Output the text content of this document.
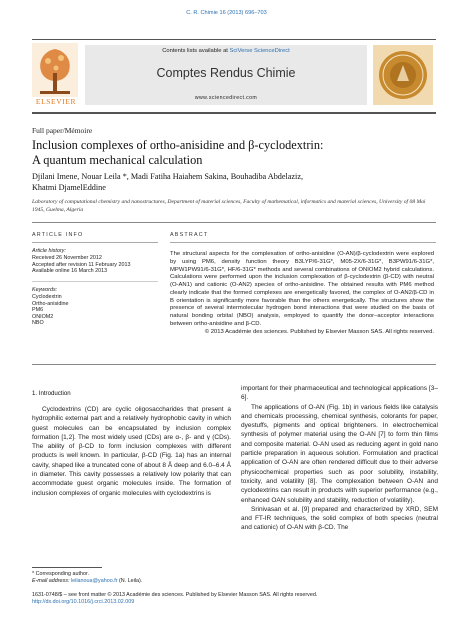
C. R. Chimie 16 (2013) 696–703
ELSEVIER
Contents lists available at SciVerse ScienceDirect
Comptes Rendus Chimie
www.sciencedirect.com
Full paper/Mémoire
Inclusion complexes of ortho-anisidine and β-cyclodextrin:
A quantum mechanical calculation
Djilani Imene, Nouar Leila *, Madi Fatiha Haiahem Sakina, Bouhadiba Abdelaziz,
Khatmi DjamelEddine
Laboratory of computational chemistry and nanostructures, Department of material sciences, Faculty of mathematical, informatics and material sciences, University of 08 Mai 1945, Guelma, Algeria
ARTICLE INFO
Article history:
Received 26 November 2012
Accepted after revision 11 February 2013
Available online 16 March 2013
Keywords:
Cyclodextrin
Ortho-anisidine
PM6
ONIOM2
NBO
ABSTRACT
The structural aspects for the complexation of ortho-anisidine (O-AN)/β-cyclodextrin were explored by using PM6, density function theory B3LYP/6-31G*, M05-2X/6-31G*, B3PW91/6-31G*, MPW1PW91/6-31G*, HF/6-31G* methods and several combinations of ONIOM2 hybrid calculations. Calculations were performed upon the inclusion complexation of β-cyclodextrin (β-CD) with neutral (O-AN1) and cationic (O-AN2) species of ortho-anisidine. The obtained results with PM6 method clearly indicate that the formed complexes are energetically favored, the complex of O-AN2/β-CD in B orientation is significantly more favorable than the others energetically. The structures show the presence of several intermolecular hydrogen bond interactions that were studied on the basis of natural bonding orbital (NBO) analysis, employed to quantify the donor–acceptor interactions between ortho-anisidine and β-CD.

© 2013 Académie des sciences. Published by Elsevier Masson SAS. All rights reserved.
1. Introduction
Cyclodextrins (CD) are cyclic oligosaccharides that present a hydrophilic external part and a relatively hydrophobic cavity in which guest molecules can be encapsulated by inclusion complex formation [1,2]. The most widely used (CDs) are α-, β- and γ (CDs). The ability of β-CD to form inclusion complexes with different products is well known. In particular, β-CD (Fig. 1a) has an internal cavity, shaped like a truncated cone of about 8 Å deep and 6.0–6.4 Å in diameter. This cavity possesses a relatively low polarity that can accommodate guest organic molecules inside. The formation of inclusion complexes of organic molecules with cyclodextrins is
important for their pharmaceutical and technological applications [3–6].
The applications of O-AN (Fig. 1b) in various fields like catalysis and chemicals processing, chemical synthesis, colorants for paper, dyestuffs, pigments and optical brighteners. In electrochemical synthesis of polymer material using the O-AN [7] to form thin films and composite material. O-AN used as reducing agent in gold nano particle preparation in aqueous solution. Formulation and practical application of O-AN are often rendered difficult due to their adverse physicochemical properties such as poor solubility, instability, toxicity, and volatility [8]. The complexation between O-AN and cyclodextrins can result in products with superior performance (e.g., enhanced OAN solubility and stability, reduction of volatility).
Srinivasan et al. [9] prepared and characterized by XRD, SEM and FT-IR techniques, the solid complex of both species (neutral and cationic) of O-AN with β-CD. The
* Corresponding author.
E-mail address: leilanoua@yahoo.fr (N. Leila).
1631-0748/$ – see front matter © 2013 Académie des sciences. Published by Elsevier Masson SAS. All rights reserved.
http://dx.doi.org/10.1016/j.crci.2013.02.009
